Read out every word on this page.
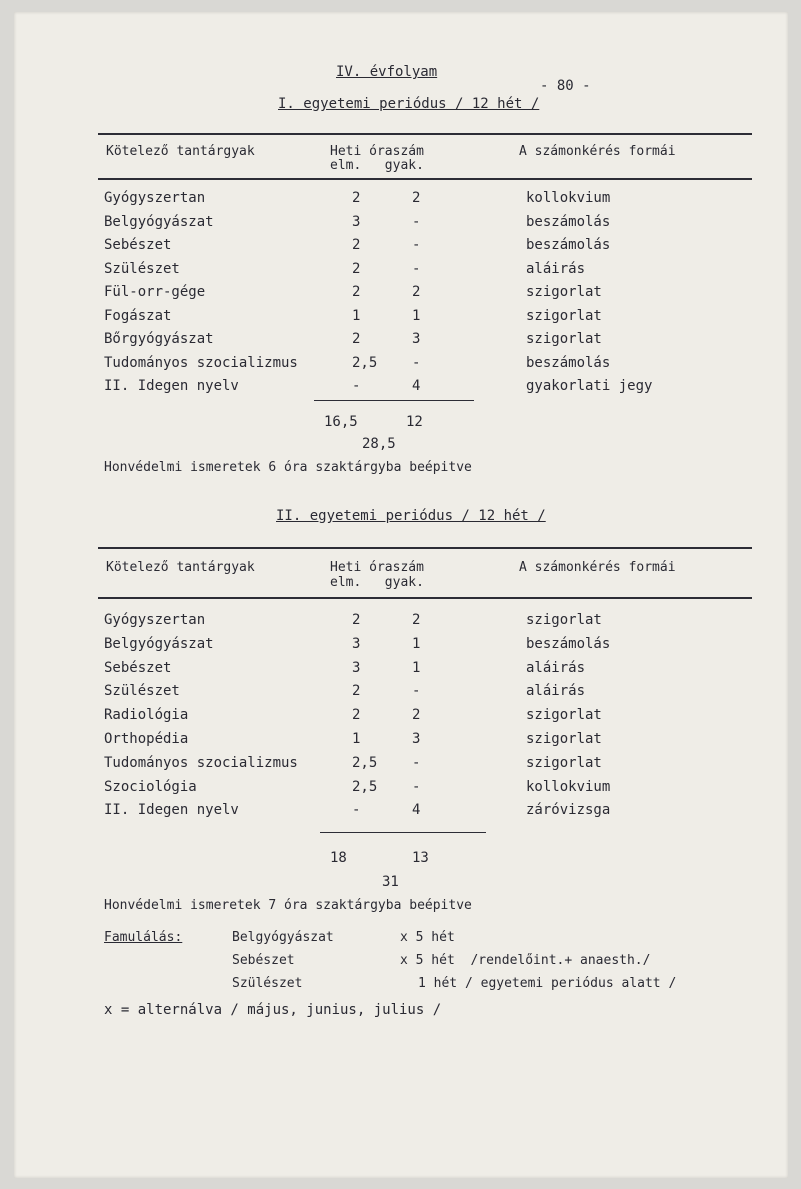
IV. évfolyam
- 80 -
I. egyetemi periódus / 12 hét /
Kötelező tantárgyak	Heti óraszám
elm.   gyak.
A számonkérés formái
Gyógyszertan	2	2	kollokvium
Belgyógyászat	3	-	beszámolás
Sebészet	2	-	beszámolás
Szülészet	2	-	aláirás
Fül-orr-gége	2	2	szigorlat
Fogászat	1	1	szigorlat
Bőrgyógyászat	2	3	szigorlat
Tudományos szocializmus	2,5 -	beszámolás
II. Idegen nyelv	-	4	gyakorlati jegy
16,5	12
28,5
Honvédelmi ismeretek 6 óra szaktárgyba beépitve
II. egyetemi periódus / 12 hét /
Kötelező tantárgyak	Heti óraszám
elm.   gyak.
A számonkérés formái
Gyógyszertan	2	2	szigorlat
Belgyógyászat	3	1	beszámolás
Sebészet	3	1	aláirás
Szülészet	2	-	aláirás
Radiológia	2	2	szigorlat
Orthopédia	1	3	szigorlat
Tudományos szocializmus	2,5 -	szigorlat
Szociológia	2,5 -	kollokvium
II. Idegen nyelv	-	4	záróvizsga
18	13
31
Honvédelmi ismeretek 7 óra szaktárgyba beépitve
Famulálás:	Belgyógyászat	x 5 hét
Sebészet	x 5 hét  /rendelőint.+ anaesth./
Szülészet	1 hét / egyetemi periódus alatt /
x = alternálva / május, junius, julius /
